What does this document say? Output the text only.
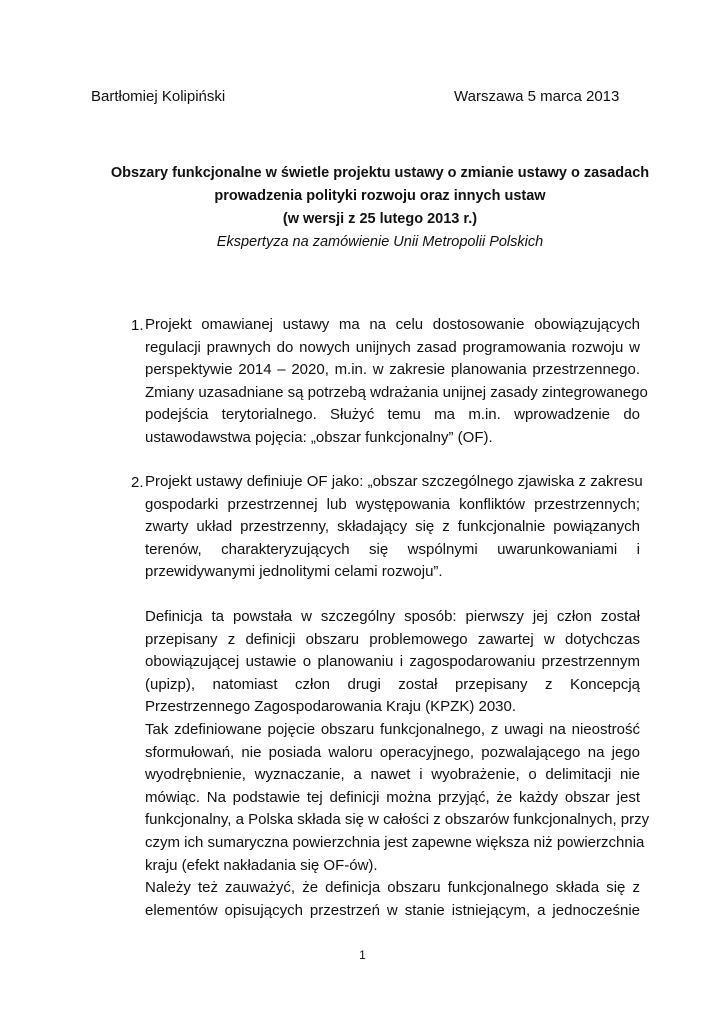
Bartłomiej Kolipiński	Warszawa 5 marca 2013
Obszary funkcjonalne w świetle projektu ustawy o zmianie ustawy o zasadach
prowadzenia polityki rozwoju oraz innych ustaw
(w wersji z 25 lutego 2013 r.)
Ekspertyza na zamówienie Unii Metropolii Polskich
1. Projekt omawianej ustawy ma na celu dostosowanie obowiązujących
regulacji prawnych do nowych unijnych zasad programowania rozwoju w
perspektywie 2014 – 2020, m.in. w zakresie planowania przestrzennego.
Zmiany uzasadniane są potrzebą wdrażania unijnej zasady zintegrowanego
podejścia terytorialnego. Służyć temu ma m.in. wprowadzenie do
ustawodawstwa pojęcia: „obszar funkcjonalny” (OF).
2. Projekt ustawy definiuje OF jako: „obszar szczególnego zjawiska z zakresu
gospodarki przestrzennej lub występowania konfliktów przestrzennych;
zwarty układ przestrzenny, składający się z funkcjonalnie powiązanych
terenów, charakteryzujących się wspólnymi uwarunkowaniami i
przewidywanymi jednolitymi celami rozwoju”.
Definicja ta powstała w szczególny sposób: pierwszy jej człon został
przepisany z definicji obszaru problemowego zawartej w dotychczas
obowiązującej ustawie o planowaniu i zagospodarowaniu przestrzennym
(upizp), natomiast człon drugi został przepisany z Koncepcją
Przestrzennego Zagospodarowania Kraju (KPZK) 2030.
Tak zdefiniowane pojęcie obszaru funkcjonalnego, z uwagi na nieostrość
sformułowań, nie posiada waloru operacyjnego, pozwalającego na jego
wyodrębnienie, wyznaczanie, a nawet i wyobrażenie, o delimitacji nie
mówiąc. Na podstawie tej definicji można przyjąć, że każdy obszar jest
funkcjonalny, a Polska składa się w całości z obszarów funkcjonalnych, przy
czym ich sumaryczna powierzchnia jest zapewne większa niż powierzchnia
kraju (efekt nakładania się OF-ów).
Należy też zauważyć, że definicja obszaru funkcjonalnego składa się z
elementów opisujących przestrzeń w stanie istniejącym, a jednocześnie
1
